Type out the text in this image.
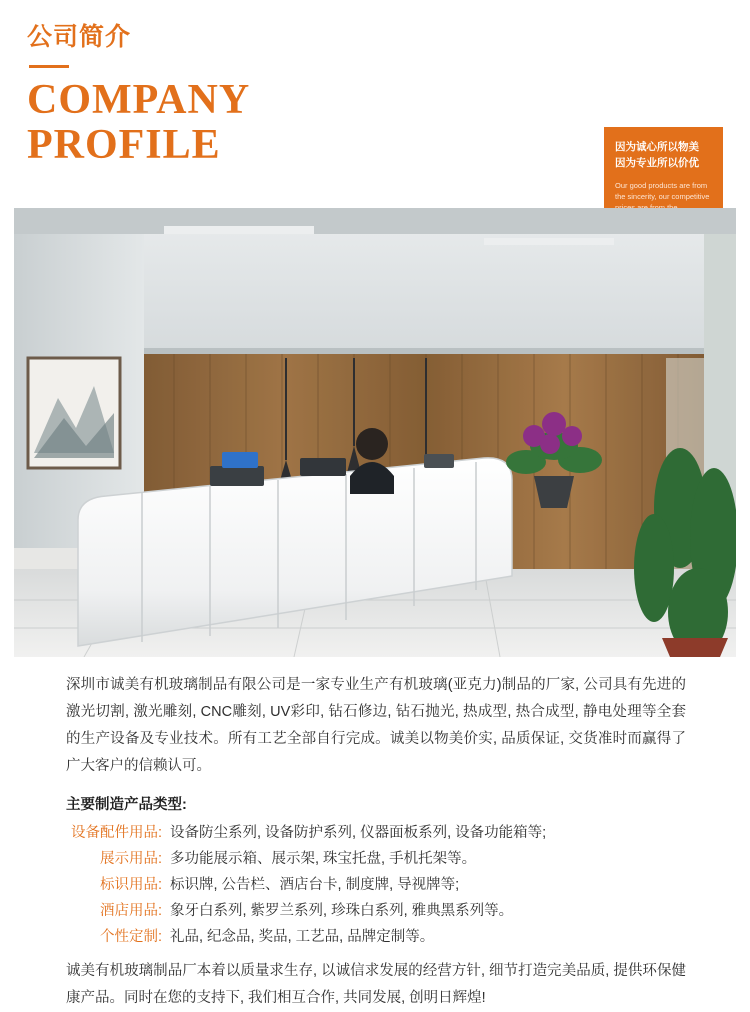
公司简介
COMPANY
PROFILE	因为诚心所以物美
因为专业所以价优
Our good products are from
the sincerity, our competitive
深圳市诚美有机玻璃制品有限公司是一家专业生产有机玻璃(亚克力)制品的厂家, 公司具有先进的激光切割, 激光雕刻, CNC雕刻, UV彩印, 钻石修边, 钻石抛光, 热成型, 热合成型, 静电处理等全套的生产设备及专业技术。所有工艺全部自行完成。诚美以物美价实, 品质保证, 交货准时而赢得了广大客户的信赖认可。
主要制造产品类型:
设备配件用品: 设备防尘系列, 设备防护系列, 仪器面板系列, 设备功能箱等;
展示用品: 多功能展示箱、展示架, 珠宝托盘, 手机托架等。
标识用品: 标识牌, 公告栏、酒店台卡, 制度牌, 导视牌等;
酒店用品: 象牙白系列, 紫罗兰系列, 珍珠白系列, 雅典黑系列等。
个性定制: 礼品, 纪念品, 奖品, 工艺品, 品牌定制等。
诚美有机玻璃制品厂本着以质量求生存, 以诚信求发展的经营方针, 细节打造完美品质, 提供环保健康产品。同时在您的支持下, 我们相互合作, 共同发展, 创明日辉煌!
